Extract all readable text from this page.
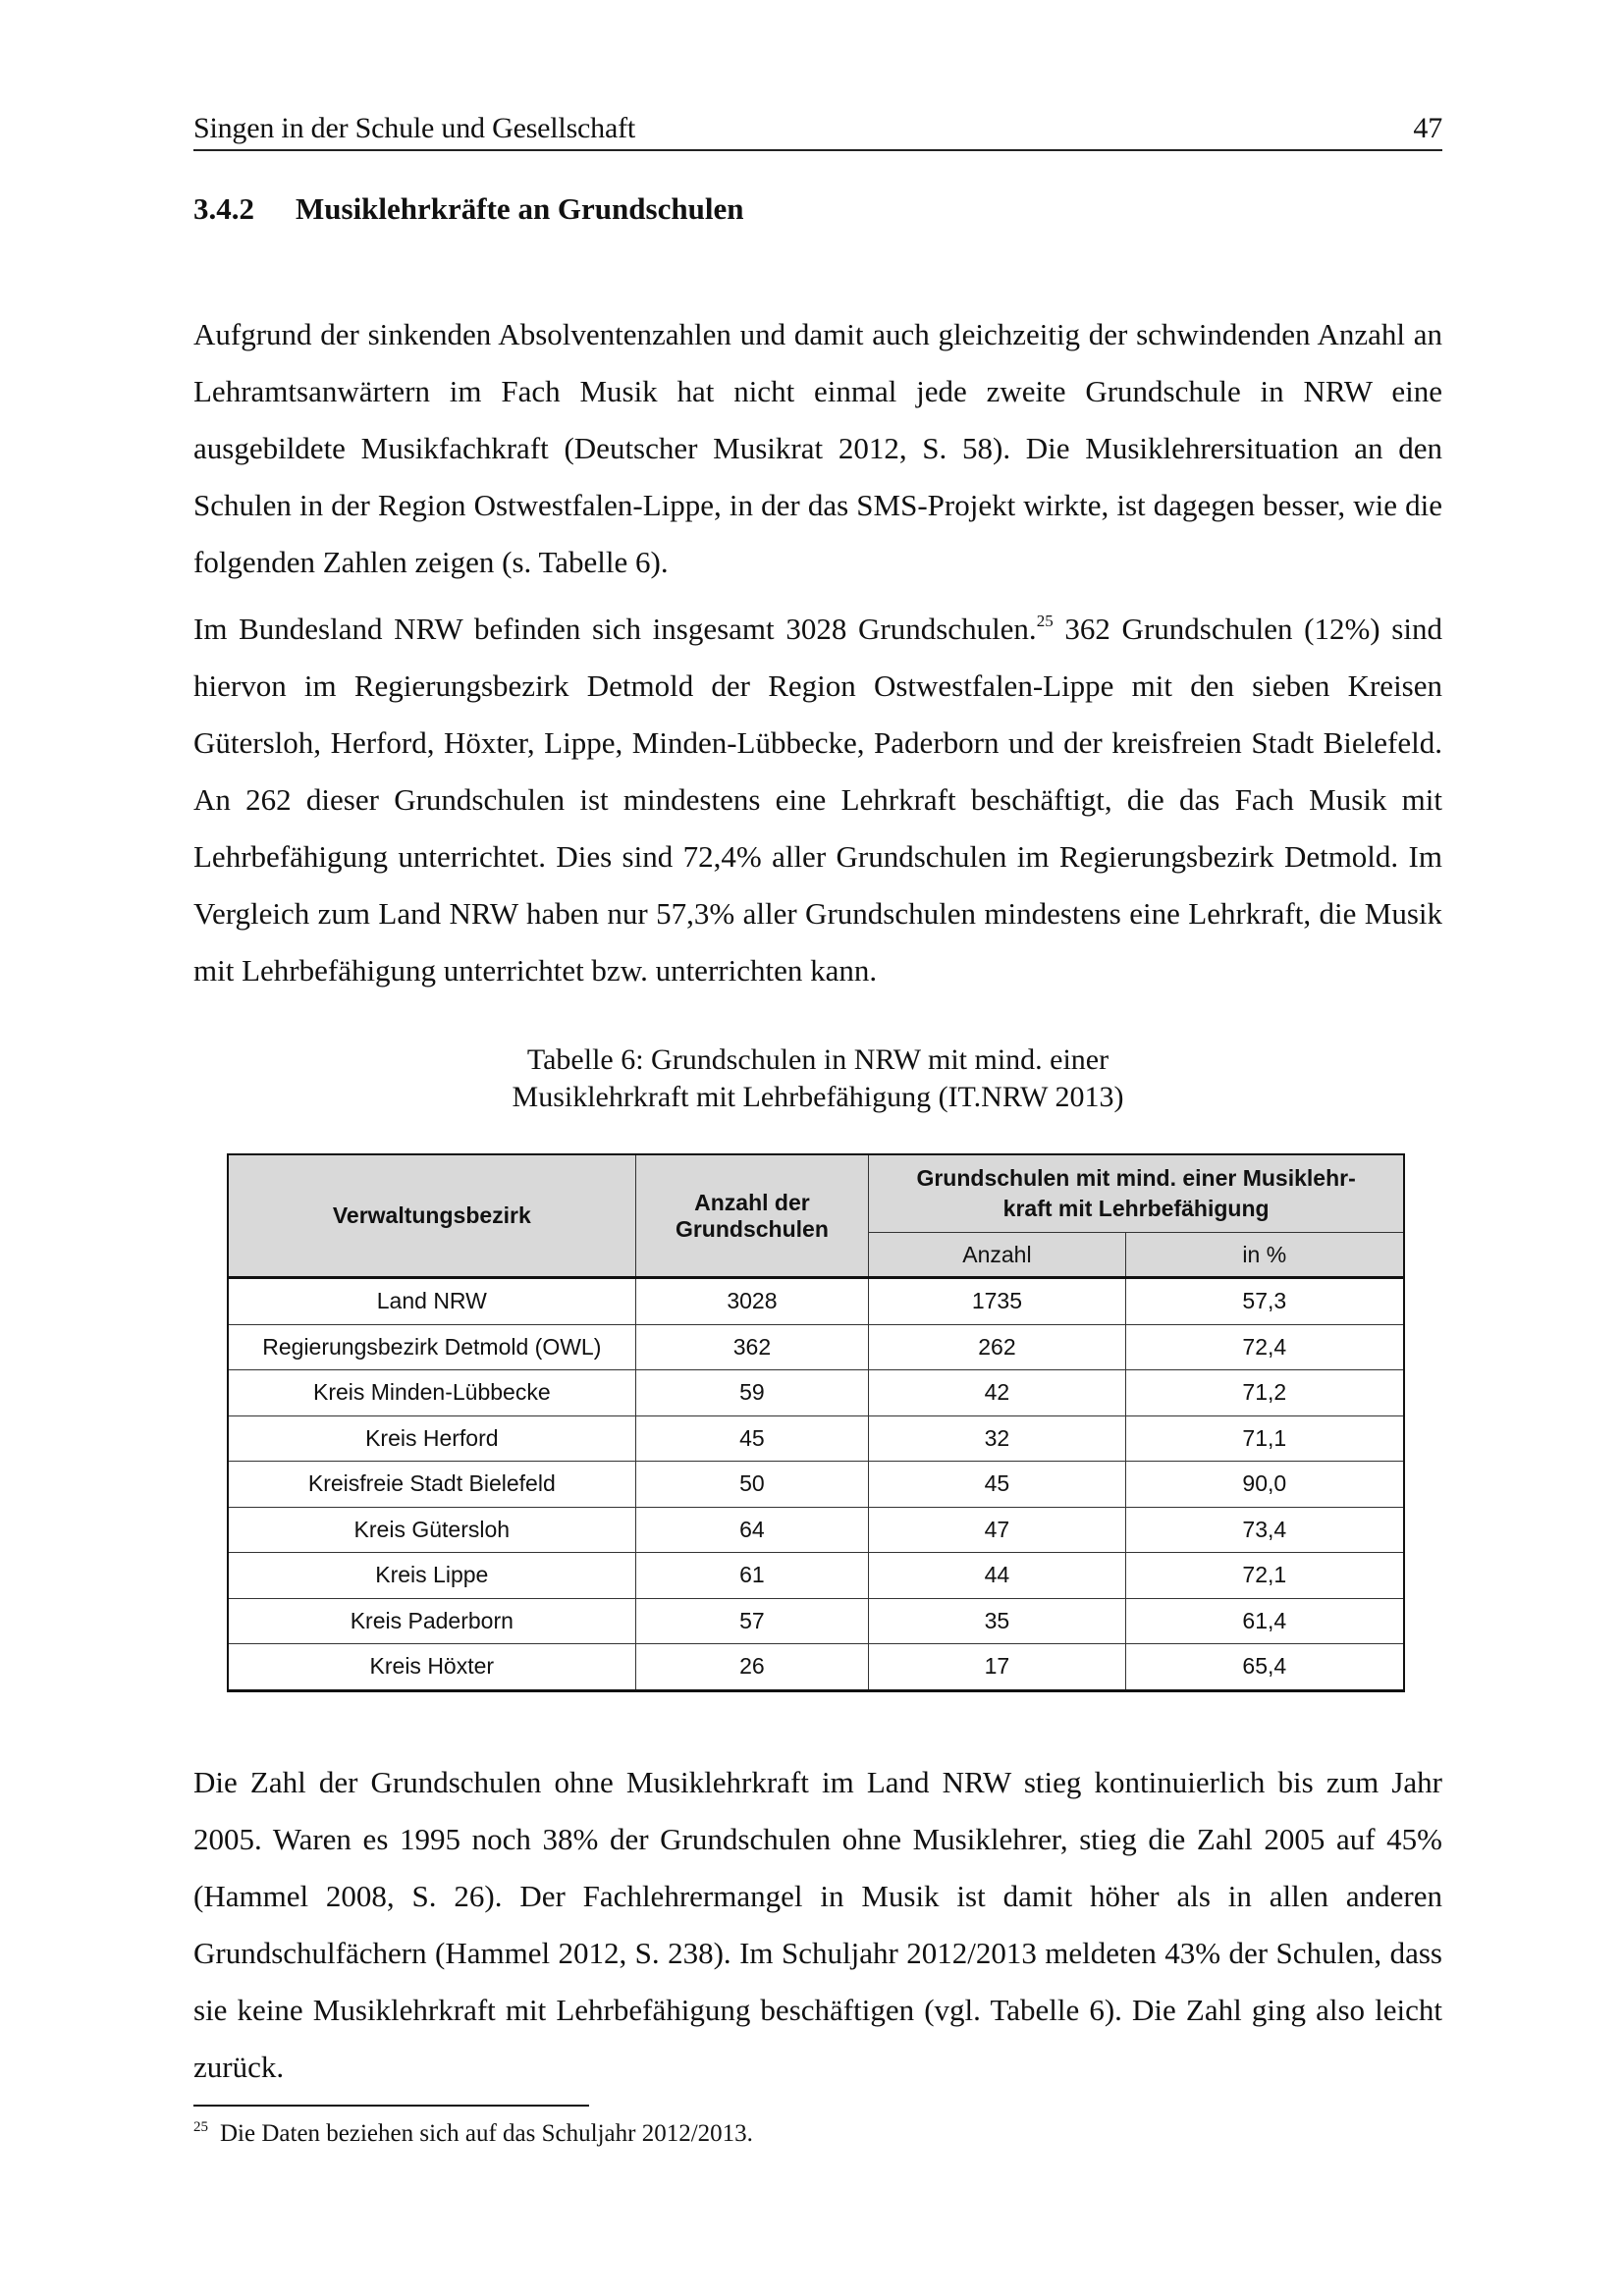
Singen in der Schule und Gesellschaft	47
3.4.2 Musiklehrkräfte an Grundschulen

Aufgrund der sinkenden Absolventenzahlen und damit auch gleichzeitig der schwindenden Anzahl an Lehramtsanwärtern im Fach Musik hat nicht einmal jede zweite Grundschule in NRW eine ausgebildete Musikfachkraft (Deutscher Musikrat 2012, S. 58). Die Musiklehrersituation an den Schulen in der Region Ostwestfalen-Lippe, in der das SMS-Projekt wirkte, ist dagegen besser, wie die folgenden Zahlen zeigen (s. Tabelle 6).

Im Bundesland NRW befinden sich insgesamt 3028 Grundschulen.$^{25}$ 362 Grundschulen (12%) sind hiervon im Regierungsbezirk Detmold der Region Ostwestfalen-Lippe mit den sieben Kreisen Gütersloh, Herford, Höxter, Lippe, Minden-Lübbecke, Paderborn und der kreisfreien Stadt Bielefeld. An 262 dieser Grundschulen ist mindestens eine Lehrkraft beschäftigt, die das Fach Musik mit Lehrbefähigung unterrichtet. Dies sind 72,4% aller Grundschulen im Regierungsbezirk Detmold. Im Vergleich zum Land NRW haben nur 57,3% aller Grundschulen mindestens eine Lehrkraft, die Musik mit Lehrbefähigung unterrichtet bzw. unterrichten kann.

Tabelle 6: Grundschulen in NRW mit mind. einer
Musiklehrkraft mit Lehrbefähigung (IT.NRW 2013)
Verwaltungsbezirk	Anzahl der Grundschulen	Grundschulen mit mind. einer Musiklehrkraft mit Lehrbefähigung	
		Anzahl	in %
Land NRW	3028	1735	57,3
Regierungsbezirk Detmold (OWL)	362	262	72,4
Kreis Minden-Lübbecke	59	42	71,2
Kreis Herford	45	32	71,1
Kreisfreie Stadt Bielefeld	50	45	90,0
Kreis Gütersloh	64	47	73,4
Kreis Lippe	61	44	72,1
Kreis Paderborn	57	35	61,4
Kreis Höxter	26	17	65,4

Die Zahl der Grundschulen ohne Musiklehrkraft im Land NRW stieg kontinuierlich bis zum Jahr 2005. Waren es 1995 noch 38% der Grundschulen ohne Musiklehrer, stieg die Zahl 2005 auf 45% (Hammel 2008, S. 26). Der Fachlehrermangel in Musik ist damit höher als in allen anderen Grundschulfächern (Hammel 2012, S. 238). Im Schuljahr 2012/2013 meldeten 43% der Schulen, dass sie keine Musiklehrkraft mit Lehrbefähigung beschäftigen (vgl. Tabelle 6). Die Zahl ging also leicht zurück.

$^{25}$ Die Daten beziehen sich auf das Schuljahr 2012/2013.
